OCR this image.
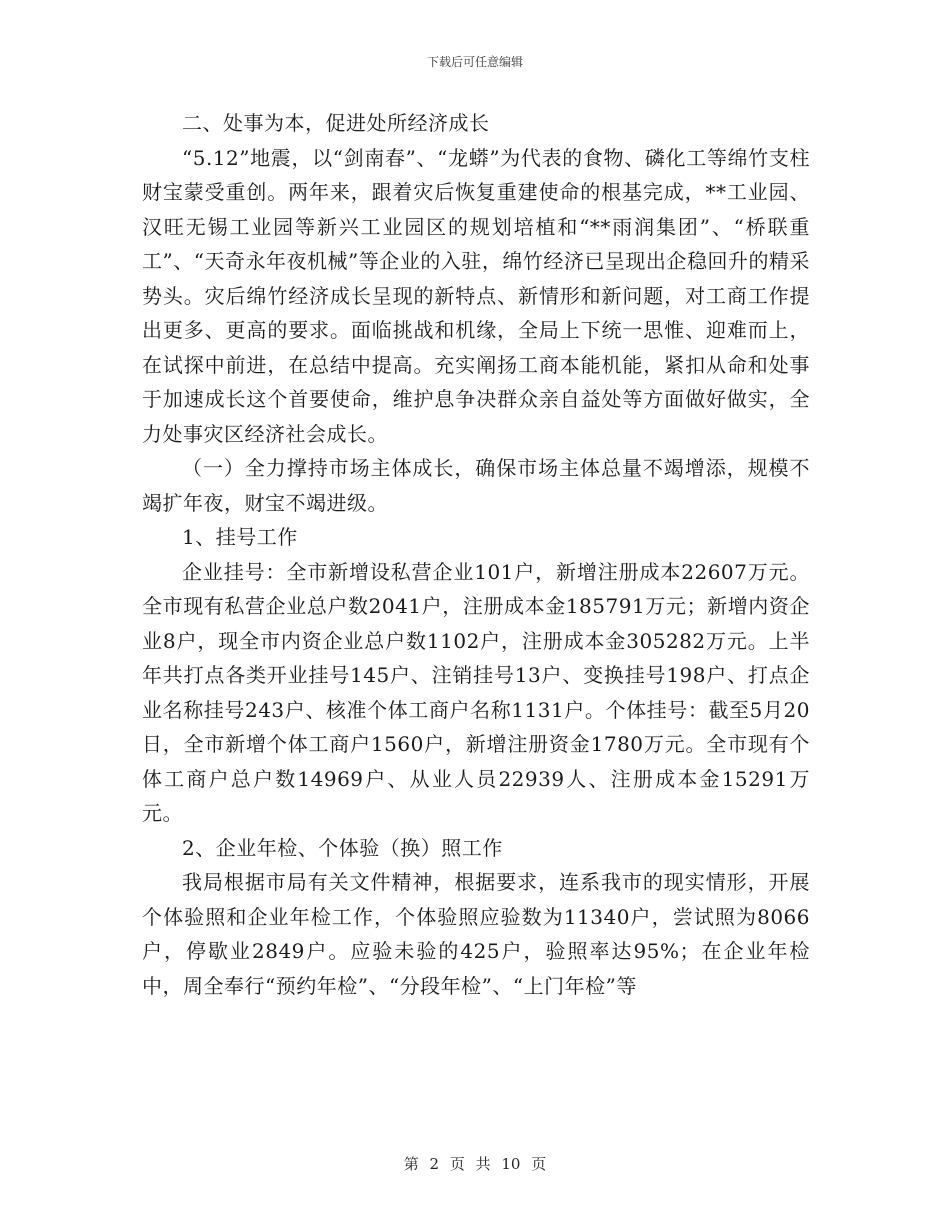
下载后可任意编辑

二、处事为本，促进处所经济成长

“5.12”地震，以“剑南春”、“龙蟒”为代表的食物、磷化工等绵竹支柱财宝蒙受重创。两年来，跟着灾后恢复重建使命的根基完成，**工业园、汉旺无锡工业园等新兴工业园区的规划培植和“**雨润集团”、“桥联重工”、“天奇永年夜机械”等企业的入驻，绵竹经济已呈现出企稳回升的精采势头。灾后绵竹经济成长呈现的新特点、新情形和新问题，对工商工作提出更多、更高的要求。面临挑战和机缘，全局上下统一思惟、迎难而上，在试探中前进，在总结中提高。充实阐扬工商本能机能，紧扣从命和处事于加速成长这个首要使命，维护息争决群众亲自益处等方面做好做实，全力处事灾区经济社会成长。

（一）全力撑持市场主体成长，确保市场主体总量不竭增添，规模不竭扩年夜，财宝不竭进级。

1、挂号工作

企业挂号：全市新增设私营企业101户，新增注册成本22607万元。全市现有私营企业总户数2041户，注册成本金185791万元；新增内资企业8户，现全市内资企业总户数1102户，注册成本金305282万元。上半年共打点各类开业挂号145户、注销挂号13户、变换挂号198户、打点企业名称挂号243户、核准个体工商户名称1131户。个体挂号：截至5月20日，全市新增个体工商户1560户，新增注册资金1780万元。全市现有个体工商户总户数14969户、从业人员22939人、注册成本金15291万元。

2、企业年检、个体验（换）照工作

我局根据市局有关文件精神，根据要求，连系我市的现实情形，开展个体验照和企业年检工作，个体验照应验数为11340户，尝试照为8066户，停歇业2849户。应验未验的425户，验照率达95%；在企业年检中，周全奉行“预约年检”、“分段年检”、“上门年检”等

第 2 页 共 10 页
